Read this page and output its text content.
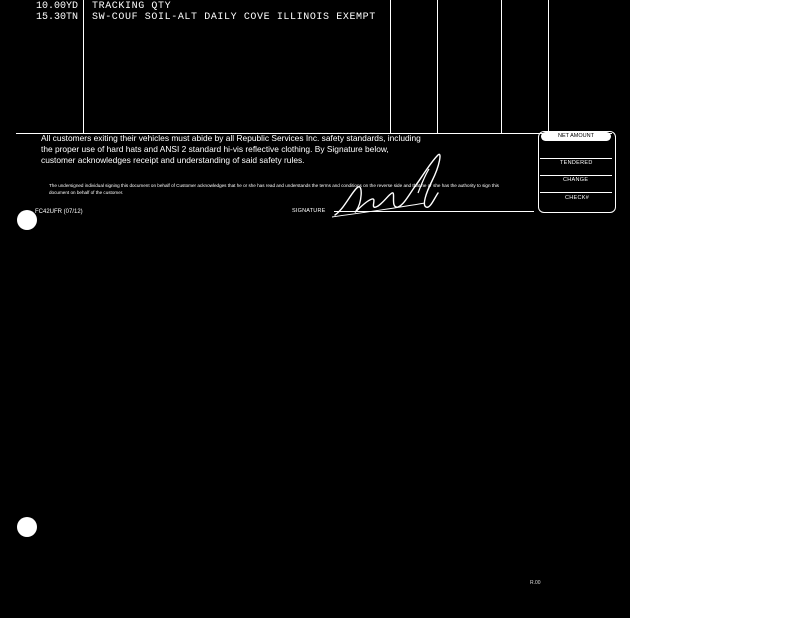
10.00 YD TRACKING QTY
15.30 TN SW-COUF SOIL-ALT DAILY COVE ILLINOIS EXEMPT
All customers exiting their vehicles must abide by all Republic Services Inc. safety standards, including the proper use of hard hats and ANSI 2 standard hi-vis reflective clothing. By Signature below, customer acknowledges receipt and understanding of said safety rules.
The undersigned individual signing this document on behalf of Customer acknowledges that he or she has read and understands the terms and conditions on the reverse side and that he or she has the authority to sign this document on behalf of the customer.
SIGNATURE
FC42UFR (07/12)
NET AMOUNT
TENDERED
CHANGE
CHECK#
R.00
